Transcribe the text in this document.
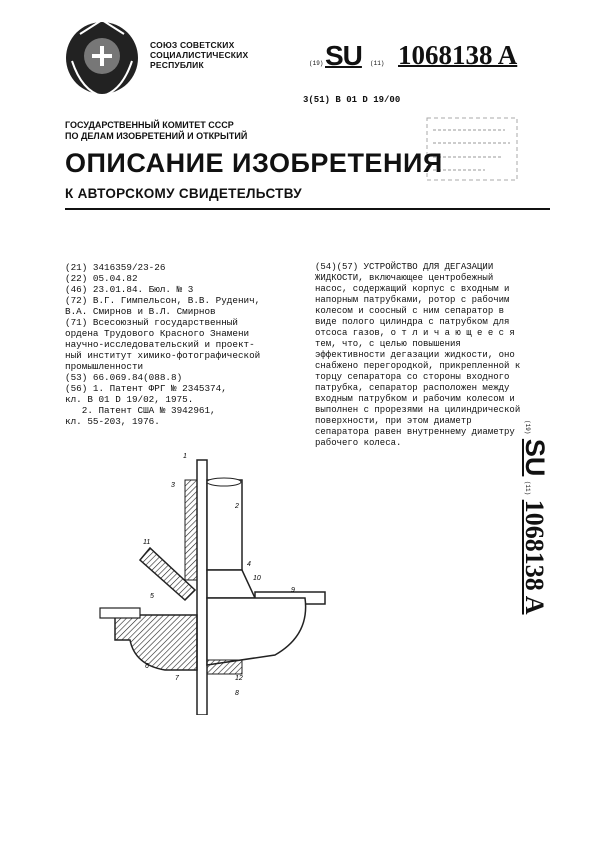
СОЮЗ СОВЕТСКИХ
СОЦИАЛИСТИЧЕСКИХ
РЕСПУБЛИК	(19) SU (11) 1068138 A
3(51) B 01 D 19/00
ГОСУДАРСТВЕННЫЙ КОМИТЕТ СССР
ПО ДЕЛАМ ИЗОБРЕТЕНИЙ И ОТКРЫТИЙ
ОПИСАНИЕ ИЗОБРЕТЕНИЯ
К АВТОРСКОМУ СВИДЕТЕЛЬСТВУ
(21) 3416359/23-26
(22) 05.04.82
(46) 23.01.84. Бюл. № 3
(72) В.Г. Гимпельсон, В.В. Руденич,
В.А. Смирнов и В.Л. Смирнов
(71) Всесоюзный государственный
ордена Трудового Красного Знамени
научно-исследовательский и проект-
ный институт химико-фотографической
промышленности
(53) 66.069.84(088.8)
(56) 1. Патент ФРГ № 2345374,
кл. В 01 D 19/02, 1975.
2. Патент США № 3942961,
кл. 55-203, 1976.

(54)(57) УСТРОЙСТВО ДЛЯ ДЕГАЗАЦИИ ЖИДКОСТИ, включающее центробежный насос, содержащий корпус с входным и напорным патрубками, ротор с рабочим колесом и соосный с ним сепаратор в виде полого цилиндра с патрубком для отсоса газов, о т л и ч а ю щ е е с я тем, что, с целью повышения эффективности дегазации жидкости, оно снабжено перегородкой, прикрепленной к торцу сепаратора со стороны входного патрубка, сепаратор расположен между входным патрубком и рабочим колесом и выполнен с прорезями на цилиндрической поверхности, при этом диаметр сепаратора равен внутреннему диаметру рабочего колеса.

(19) SU (11) 1068138 A
1
2
3
4
5
6
7
8
9
10
11
12
